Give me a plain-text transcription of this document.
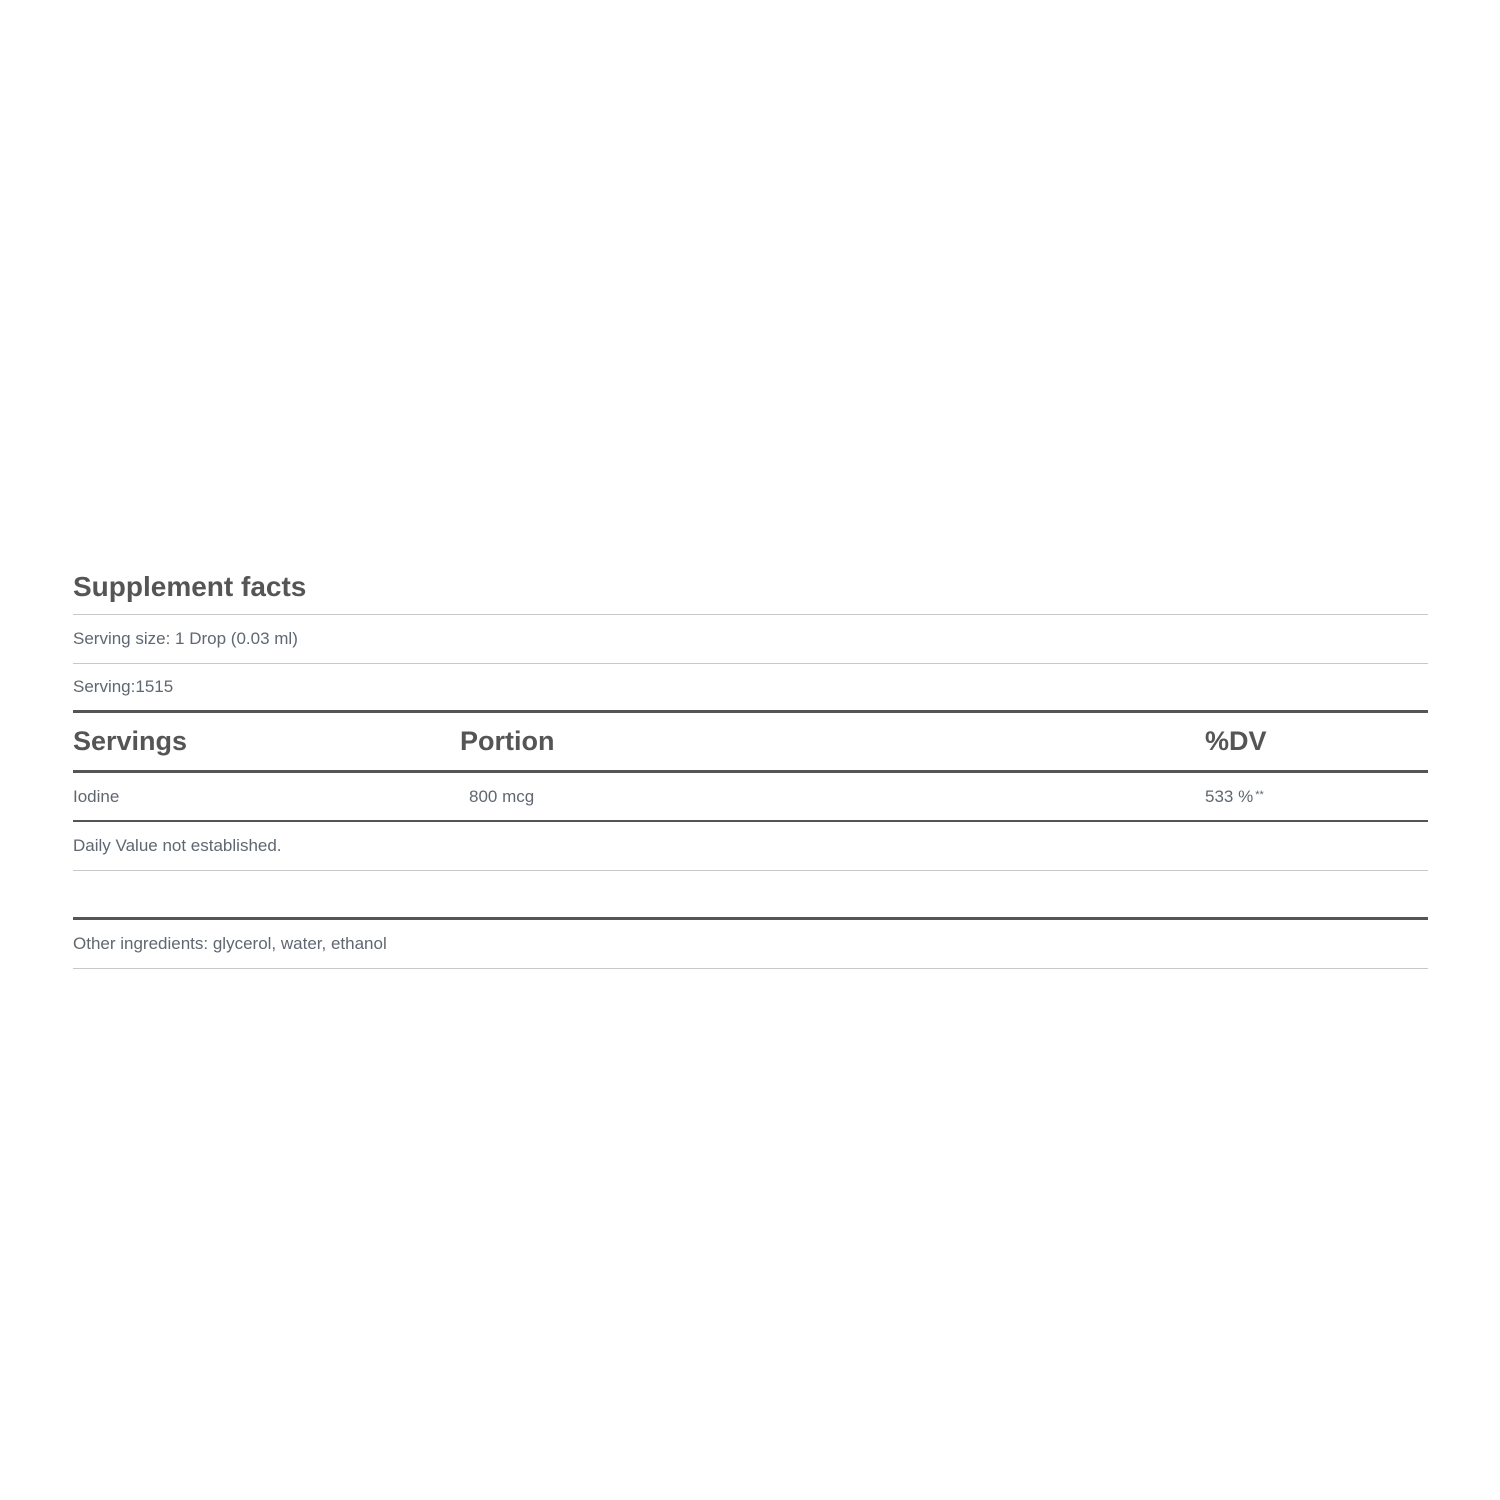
Supplement facts
Serving size: 1 Drop (0.03 ml)
Serving:1515
Servings	Portion	%DV
Iodine	800 mcg	533 % **
Daily Value not established.
Other ingredients: glycerol, water, ethanol
